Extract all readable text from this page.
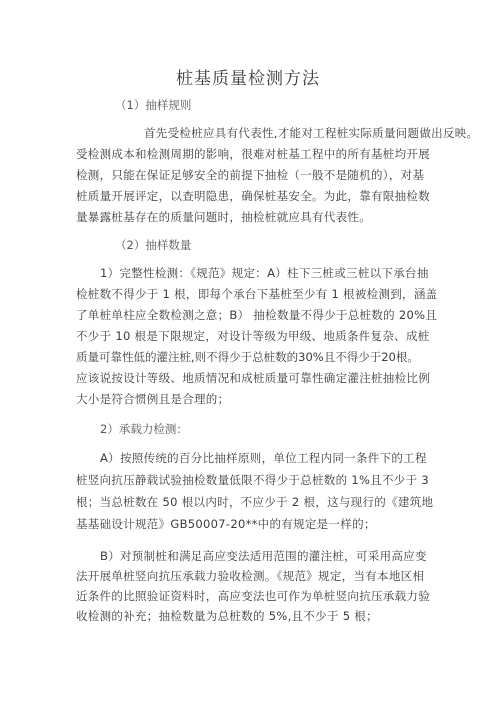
桩基质量检测方法
（1）抽样规则
首先受检桩应具有代表性,才能对工程桩实际质量问题做出反映。
受检测成本和检测周期的影响，很难对桩基工程中的所有基桩均开展
检测，只能在保证足够安全的前提下抽检（一般不是随机的），对基
桩质量开展评定，以查明隐患，确保桩基安全。为此，靠有限抽检数
量暴露桩基存在的质量问题时，抽检桩就应具有代表性。
（2）抽样数量
1）完整性检测：《规范》规定：A）柱下三桩或三桩以下承台抽
检桩数不得少于 1 根，即每个承台下基桩至少有 1 根被检测到，涵盖
了单桩单柱应全数检测之意；B） 抽检数量不得少于总桩数的 20%且
不少于 10 根是下限规定，对设计等级为甲级、地质条件复杂、成桩
质量可靠性低的灌注桩,则不得少于总桩数的30%且不得少于20根。
应该说按设计等级、地质情况和成桩质量可靠性确定灌注桩抽检比例
大小是符合惯例且是合理的；
2）承载力检测：
A）按照传统的百分比抽样原则，单位工程内同一条件下的工程
桩竖向抗压静载试验抽检数量低限不得少于总桩数的 1%且不少于 3
根；当总桩数在 50 根以内时，不应少于 2 根，这与现行的《建筑地
基基础设计规范》GB50007-20**中的有规定是一样的；
B）对预制桩和满足高应变法适用范围的灌注桩，可采用高应变
法开展单桩竖向抗压承载力验收检测。《规范》规定，当有本地区相
近条件的比照验证资料时，高应变法也可作为单桩竖向抗压承载力验
收检测的补充；抽检数量为总桩数的 5%,且不少于 5 根；
